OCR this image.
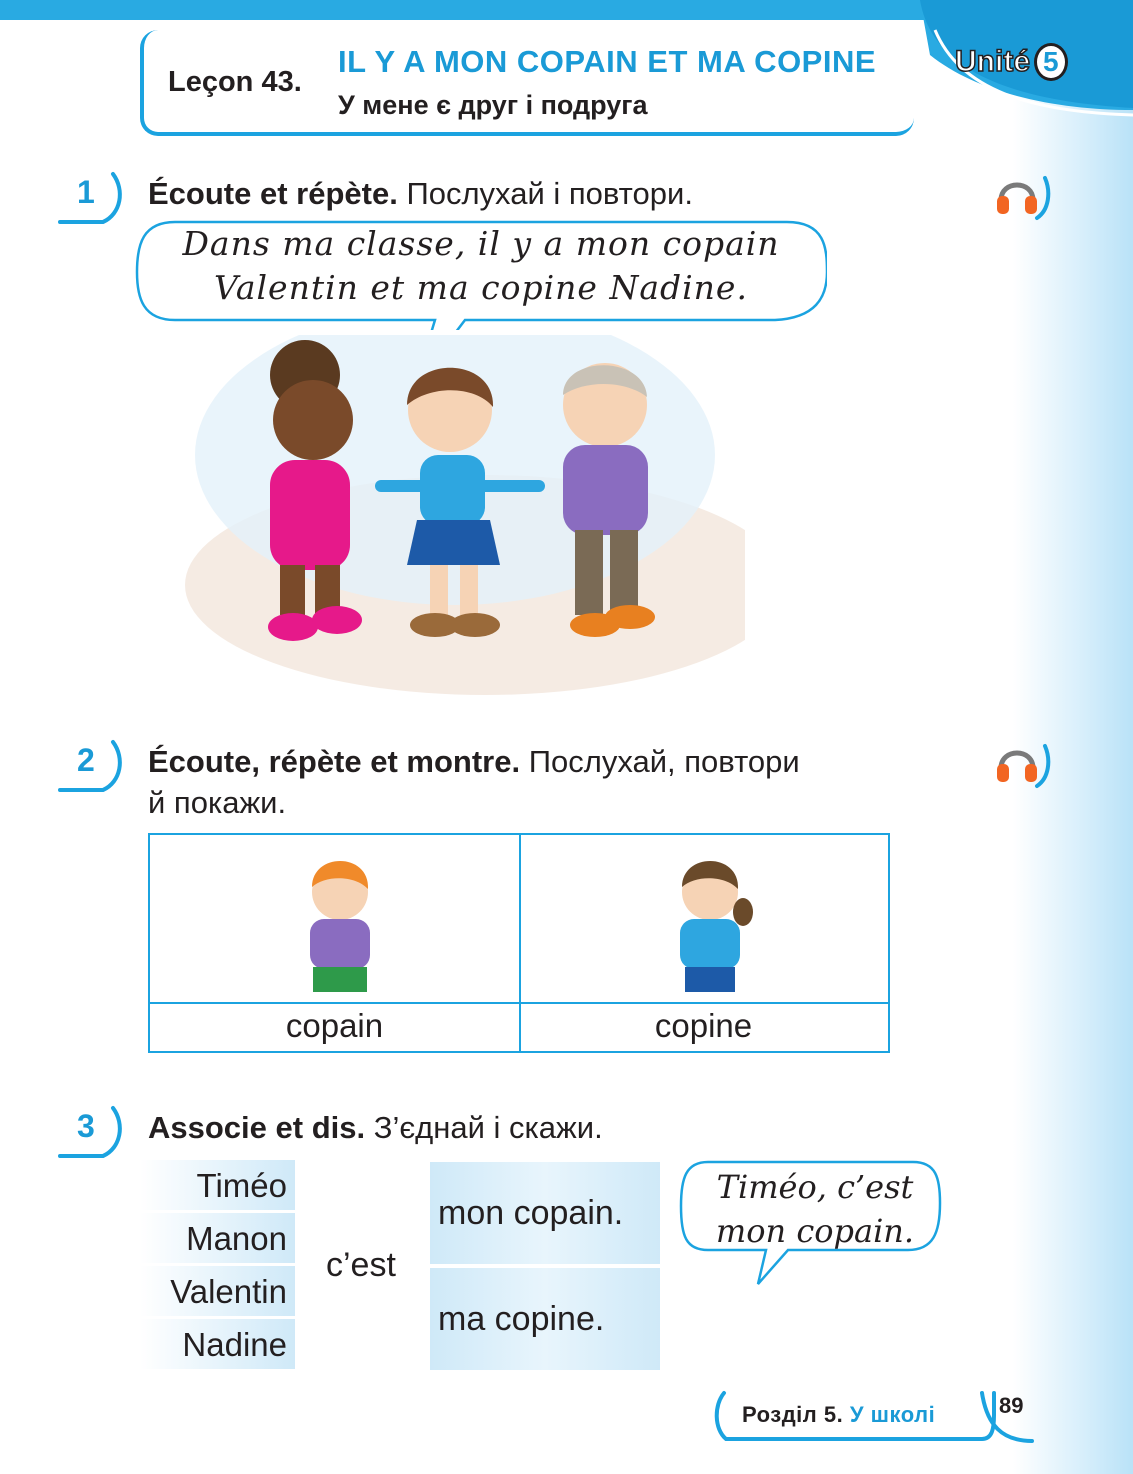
Leçon 43.
IL Y A MON COPAIN ET MA COPINE
У мене є друг і подруга
Unité 5
1 Écoute et répète. Послухай і повтори.
Dans ma classe, il y a mon copain
Valentin et ma copine Nadine.
2 Écoute, répète et montre. Послухай, повтори
й покажи.
copain	copine
3 Associe et dis. З’єднай і скажи.
Timéo
Manon
Valentin
Nadine
c’est
mon copain.
ma copine.
Timéo, c’est
mon copain.
Розділ 5. У школі	89
